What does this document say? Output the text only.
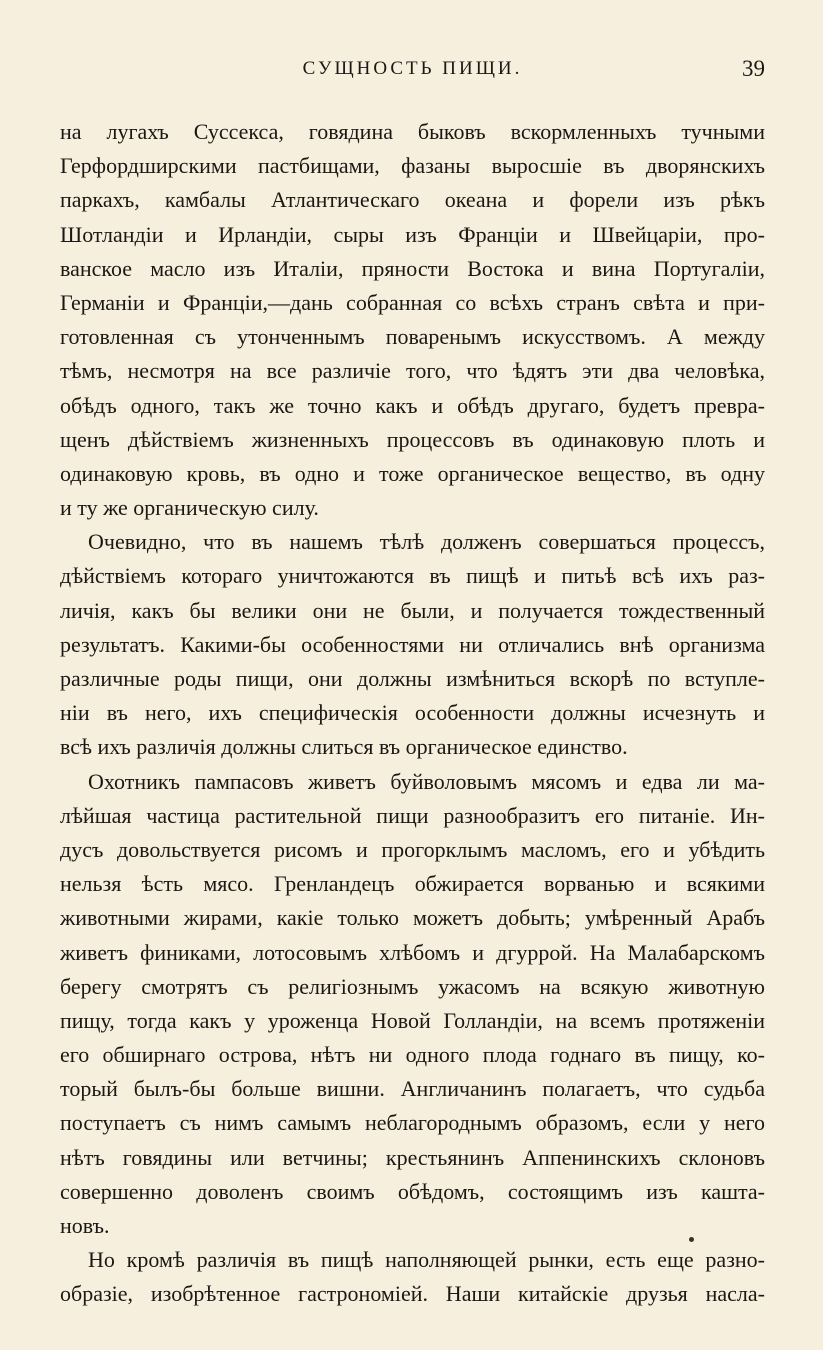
СУЩНОСТЬ ПИЩИ.	39
на лугахъ Суссекса, говядина быковъ вскормленныхъ тучными
Герфордширскими пастбищами, фазаны выросшіе въ дворянскихъ
паркахъ, камбалы Атлантическаго океана и форели изъ рѣкъ
Шотландіи и Ирландіи, сыры изъ Франціи и Швейцаріи, про-
ванское масло изъ Италіи, пряности Востока и вина Португаліи,
Германіи и Франціи,—дань собранная со всѣхъ странъ свѣта и при-
готовленная съ утонченнымъ поваренымъ искусствомъ. А между
тѣмъ, несмотря на все различіе того, что ѣдятъ эти два человѣка,
обѣдъ одного, такъ же точно какъ и обѣдъ другаго, будетъ превра-
щенъ дѣйствіемъ жизненныхъ процессовъ въ одинаковую плоть и
одинаковую кровь, въ одно и тоже органическое вещество, въ одну
и ту же органическую силу.
Очевидно, что въ нашемъ тѣлѣ долженъ совершаться процессъ,
дѣйствіемъ котораго уничтожаются въ пищѣ и питьѣ всѣ ихъ раз-
личія, какъ бы велики они не были, и получается тождественный
результатъ. Какими-бы особенностями ни отличались внѣ организма
различные роды пищи, они должны измѣниться вскорѣ по вступле-
ніи въ него, ихъ специфическія особенности должны исчезнуть и
всѣ ихъ различія должны слиться въ органическое единство.
Охотникъ пампасовъ живетъ буйволовымъ мясомъ и едва ли ма-
лѣйшая частица растительной пищи разнообразитъ его питаніе. Ин-
дусъ довольствуется рисомъ и прогорклымъ масломъ, его и убѣдить
нельзя ѣсть мясо. Гренландецъ обжирается ворванью и всякими
животными жирами, какіе только можетъ добыть; умѣренный Арабъ
живетъ финиками, лотосовымъ хлѣбомъ и дгуррой. На Малабарскомъ
берегу смотрятъ съ религіознымъ ужасомъ на всякую животную
пищу, тогда какъ у уроженца Новой Голландіи, на всемъ протяженіи
его обширнаго острова, нѣтъ ни одного плода годнаго въ пищу, ко-
торый былъ-бы больше вишни. Англичанинъ полагаетъ, что судьба
поступаетъ съ нимъ самымъ неблагороднымъ образомъ, если у него
нѣтъ говядины или ветчины; крестьянинъ Аппенинскихъ склоновъ
совершенно доволенъ своимъ обѣдомъ, состоящимъ изъ кашта-
новъ.
Но кромѣ различія въ пищѣ наполняющей рынки, есть еще разно-
образіе, изобрѣтенное гастрономіей. Наши китайскіе друзья насла-
